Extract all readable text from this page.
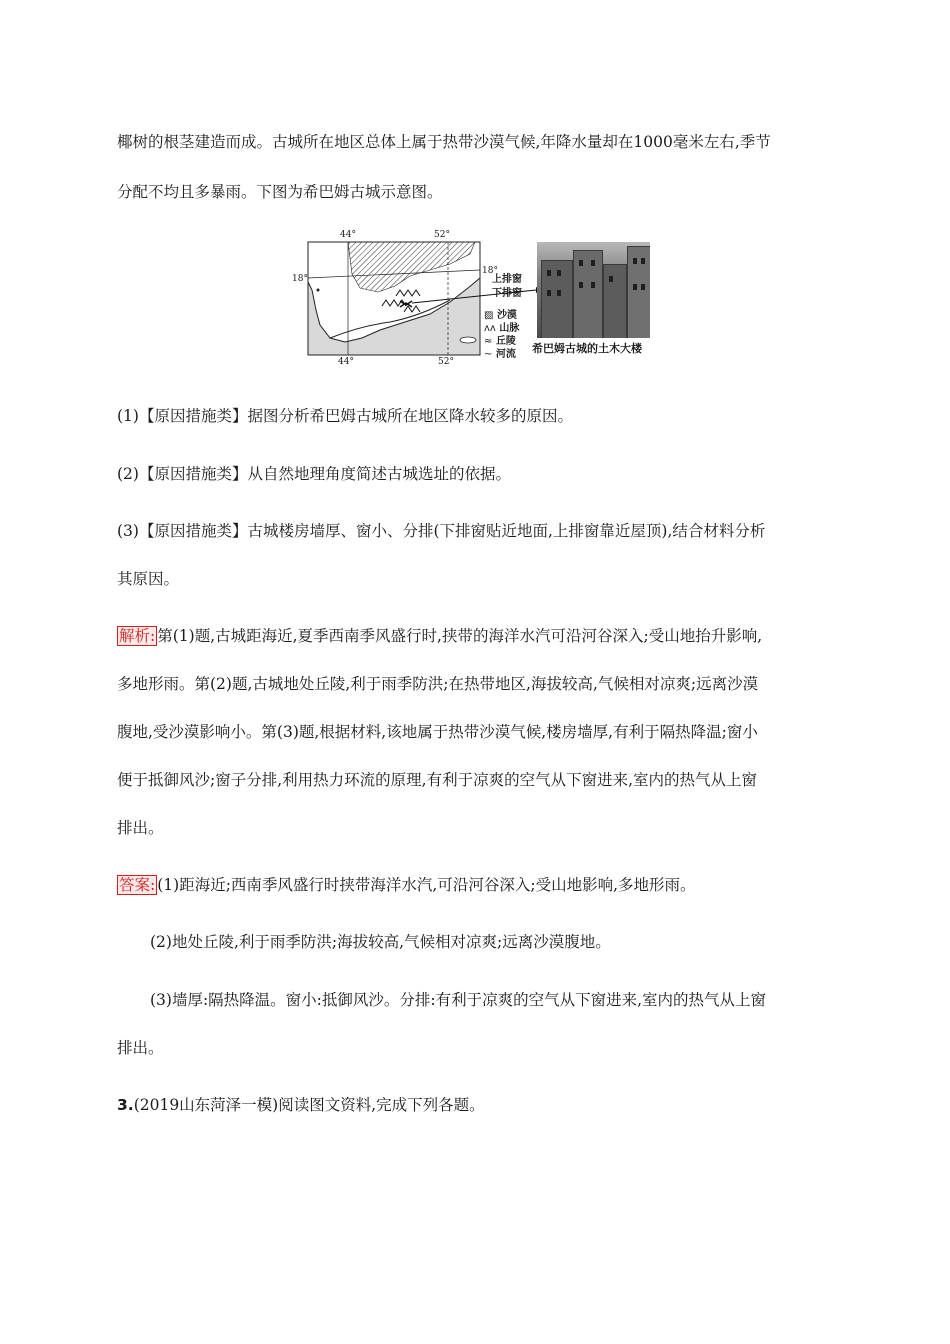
椰树的根茎建造而成。古城所在地区总体上属于热带沙漠气候,年降水量却在1000毫米左右,季节
分配不均且多暴雨。下图为希巴姆古城示意图。
44°	52°
44°	52°
18°
18°
上排窗
下排窗
▨ 沙漠
ʌʌ 山脉
≈ 丘陵
~ 河流 希巴姆古城的土木大楼
(1)【原因措施类】据图分析希巴姆古城所在地区降水较多的原因。
(2)【原因措施类】从自然地理角度简述古城选址的依据。
(3)【原因措施类】古城楼房墙厚、窗小、分排(下排窗贴近地面,上排窗靠近屋顶),结合材料分析
其原因。
解析: 第(1)题,古城距海近,夏季西南季风盛行时,挟带的海洋水汽可沿河谷深入;受山地抬升影响,
多地形雨。第(2)题,古城地处丘陵,利于雨季防洪;在热带地区,海拔较高,气候相对凉爽;远离沙漠
腹地,受沙漠影响小。第(3)题,根据材料,该地属于热带沙漠气候,楼房墙厚,有利于隔热降温;窗小
便于抵御风沙;窗子分排,利用热力环流的原理,有利于凉爽的空气从下窗进来,室内的热气从上窗
排出。
答案: (1)距海近;西南季风盛行时挟带海洋水汽,可沿河谷深入;受山地影响,多地形雨。
(2)地处丘陵,利于雨季防洪;海拔较高,气候相对凉爽;远离沙漠腹地。
(3)墙厚:隔热降温。窗小:抵御风沙。分排:有利于凉爽的空气从下窗进来,室内的热气从上窗
排出。
3.(2019山东菏泽一模)阅读图文资料,完成下列各题。
